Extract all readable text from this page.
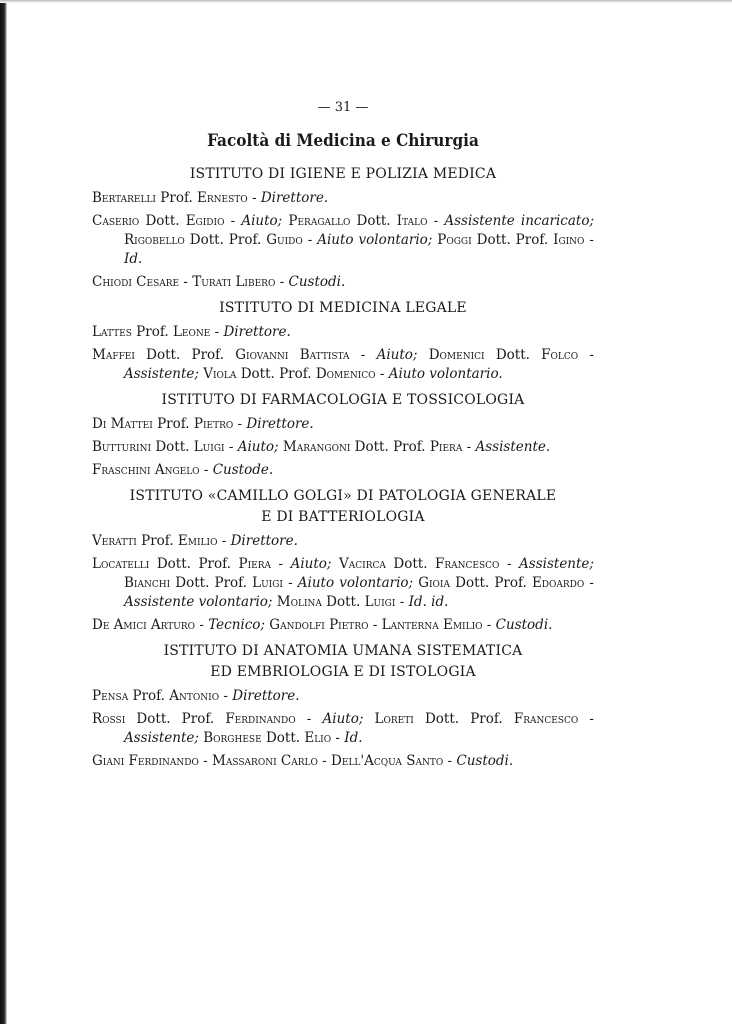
— 31 —
Facoltà di Medicina e Chirurgia
ISTITUTO DI IGIENE E POLIZIA MEDICA
Bertarelli Prof. Ernesto - Direttore.
Caserio Dott. Egidio - Aiuto; Peragallo Dott. Italo - Assistente incaricato; Rigobello Dott. Prof. Guido - Aiuto volontario; Poggi Dott. Prof. Igino - Id.
Chiodi Cesare - Turati Libero - Custodi.
ISTITUTO DI MEDICINA LEGALE
Lattes Prof. Leone - Direttore.
Maffei Dott. Prof. Giovanni Battista - Aiuto; Domenici Dott. Folco - Assistente; Viola Dott. Prof. Domenico - Aiuto volontario.
ISTITUTO DI FARMACOLOGIA E TOSSICOLOGIA
Di Mattei Prof. Pietro - Direttore.
Butturini Dott. Luigi - Aiuto; Marangoni Dott. Prof. Piera - Assistente.
Fraschini Angelo - Custode.
ISTITUTO «CAMILLO GOLGI» DI PATOLOGIA GENERALE
E DI BATTERIOLOGIA
Veratti Prof. Emilio - Direttore.
Locatelli Dott. Prof. Piera - Aiuto; Vacirca Dott. Francesco - Assistente; Bianchi Dott. Prof. Luigi - Aiuto volontario; Gioia Dott. Prof. Edoardo - Assistente volontario; Molina Dott. Luigi - Id. id.
De Amici Arturo - Tecnico; Gandolfi Pietro - Lanterna Emilio - Custodi.
ISTITUTO DI ANATOMIA UMANA SISTEMATICA
ED EMBRIOLOGIA E DI ISTOLOGIA
Pensa Prof. Antonio - Direttore.
Rossi Dott. Prof. Ferdinando - Aiuto; Loreti Dott. Prof. Francesco - Assistente; Borghese Dott. Elio - Id.
Giani Ferdinando - Massaroni Carlo - Dell'Acqua Santo - Custodi.
